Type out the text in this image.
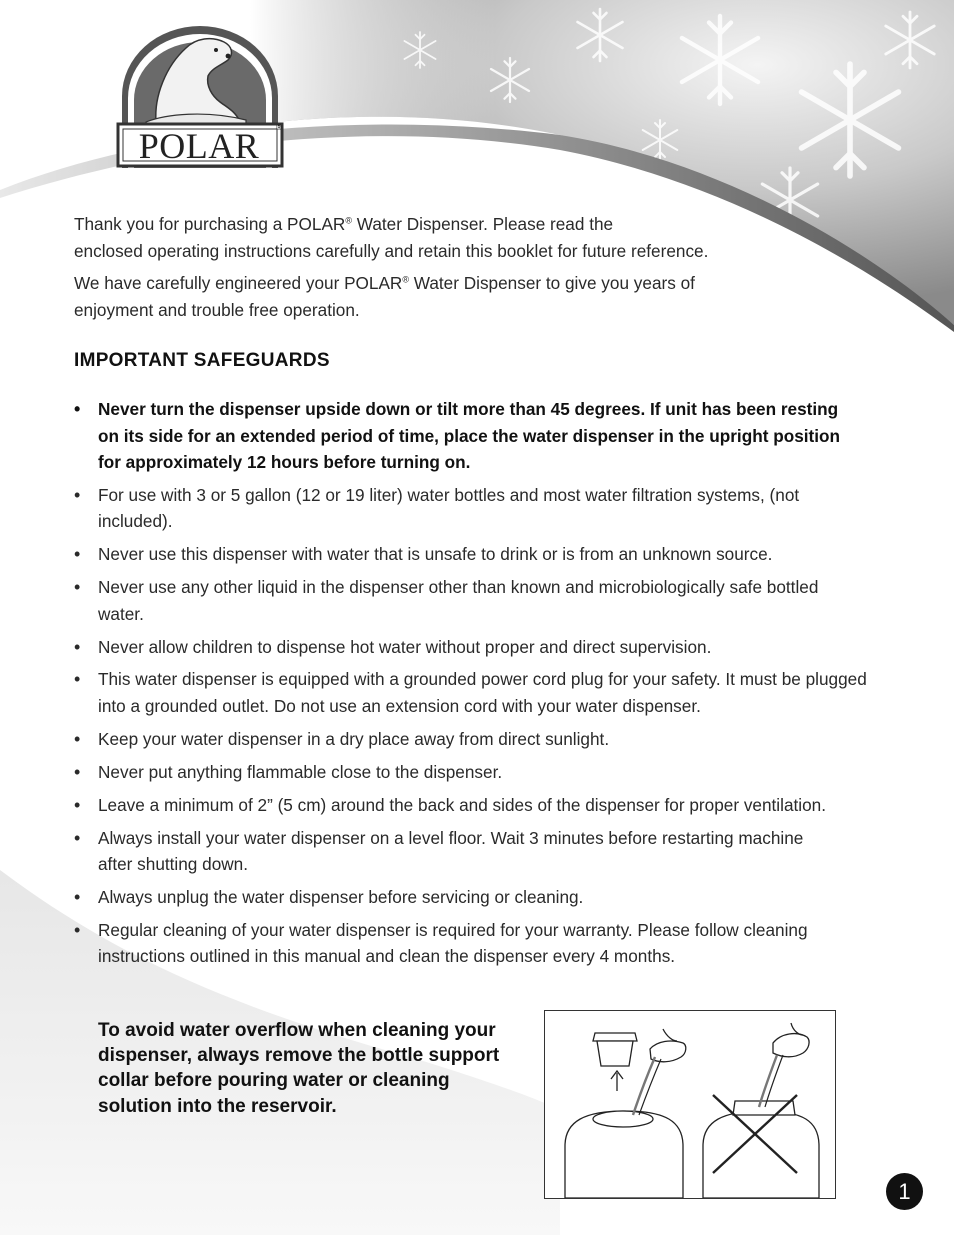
POLAR ®

Thank you for purchasing a POLAR® Water Dispenser. Please read the
enclosed operating instructions carefully and retain this booklet for future reference.

We have carefully engineered your POLAR® Water Dispenser to give you years of enjoyment and trouble free operation.

IMPORTANT SAFEGUARDS
• Never turn the dispenser upside down or tilt more than 45 degrees. If unit has been resting on its side for an extended period of time, place the water dispenser in the upright position for approximately 12 hours before turning on.
• For use with 3 or 5 gallon (12 or 19 liter) water bottles and most water filtration systems, (not included).
• Never use this dispenser with water that is unsafe to drink or is from an unknown source.
• Never use any other liquid in the dispenser other than known and microbiologically safe bottled water.
• Never allow children to dispense hot water without proper and direct supervision.
• This water dispenser is equipped with a grounded power cord plug for your safety. It must be plugged into a grounded outlet. Do not use an extension cord with your water dispenser.
• Keep your water dispenser in a dry place away from direct sunlight.
• Never put anything flammable close to the dispenser.
• Leave a minimum of 2” (5 cm) around the back and sides of the dispenser for proper ventilation.
• Always install your water dispenser on a level floor. Wait 3 minutes before restarting machine after shutting down.
• Always unplug the water dispenser before servicing or cleaning.
• Regular cleaning of your water dispenser is required for your warranty. Please follow cleaning instructions outlined in this manual and clean the dispenser every 4 months.
To avoid water overflow when cleaning your dispenser, always remove the bottle support collar before pouring water or cleaning solution into the reservoir.
1
